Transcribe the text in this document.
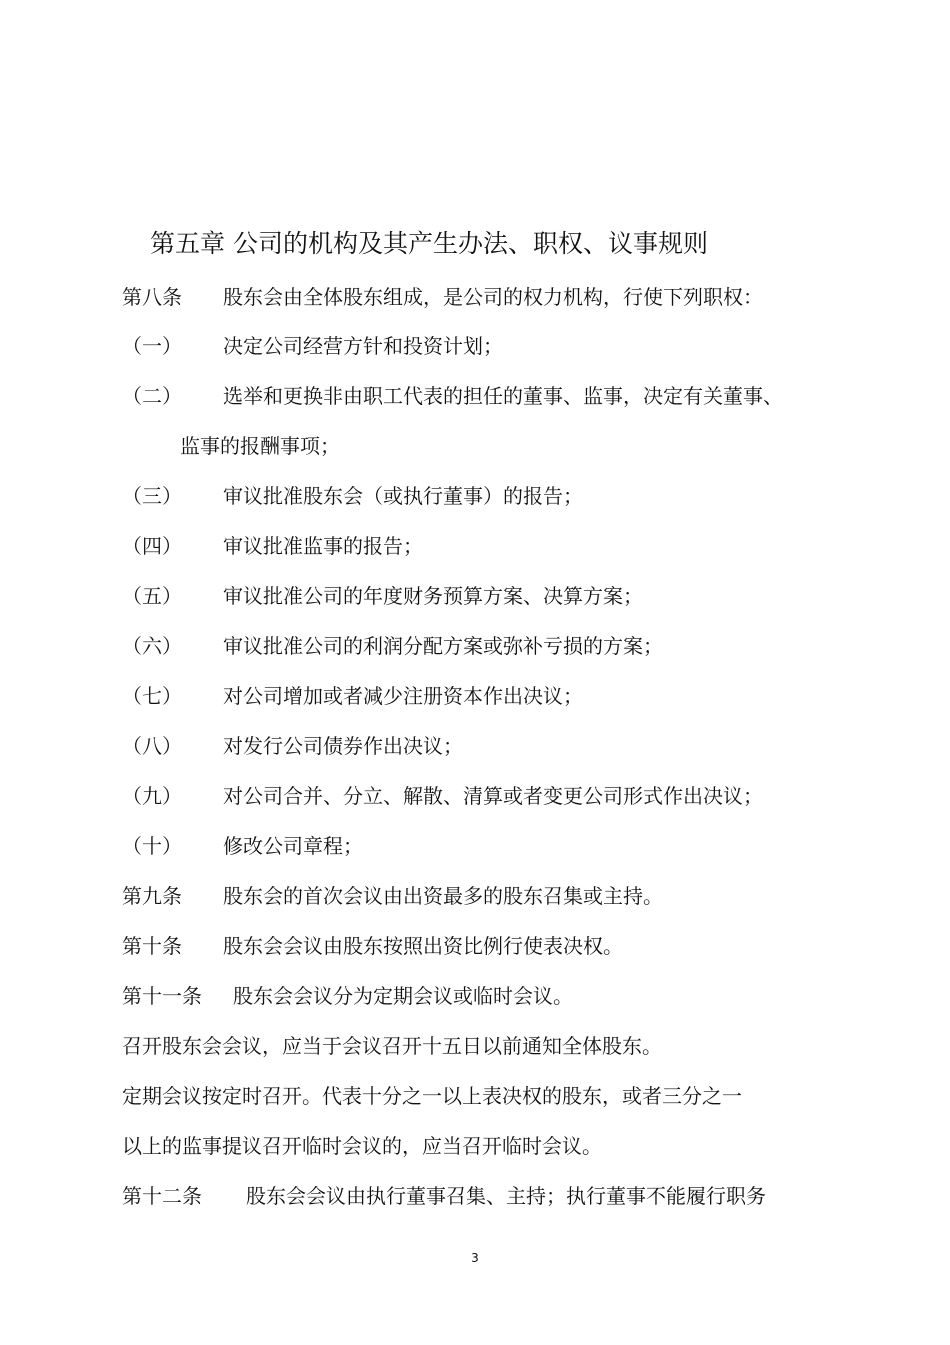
第五章 公司的机构及其产生办法、职权、议事规则
第八条 股东会由全体股东组成，是公司的权力机构，行使下列职权：
（一） 决定公司经营方针和投资计划；
（二） 选举和更换非由职工代表的担任的董事、监事，决定有关董事、
监事的报酬事项；
（三） 审议批准股东会（或执行董事）的报告；
（四） 审议批准监事的报告；
（五） 审议批准公司的年度财务预算方案、决算方案；
（六） 审议批准公司的利润分配方案或弥补亏损的方案；
（七） 对公司增加或者减少注册资本作出决议；
（八） 对发行公司债券作出决议；
（九） 对公司合并、分立、解散、清算或者变更公司形式作出决议；
（十） 修改公司章程；
第九条 股东会的首次会议由出资最多的股东召集或主持。
第十条 股东会会议由股东按照出资比例行使表决权。
第十一条 股东会会议分为定期会议或临时会议。
召开股东会会议，应当于会议召开十五日以前通知全体股东。
定期会议按定时召开。代表十分之一以上表决权的股东，或者三分之一
以上的监事提议召开临时会议的，应当召开临时会议。
第十二条 股东会会议由执行董事召集、主持；执行董事不能履行职务
3
